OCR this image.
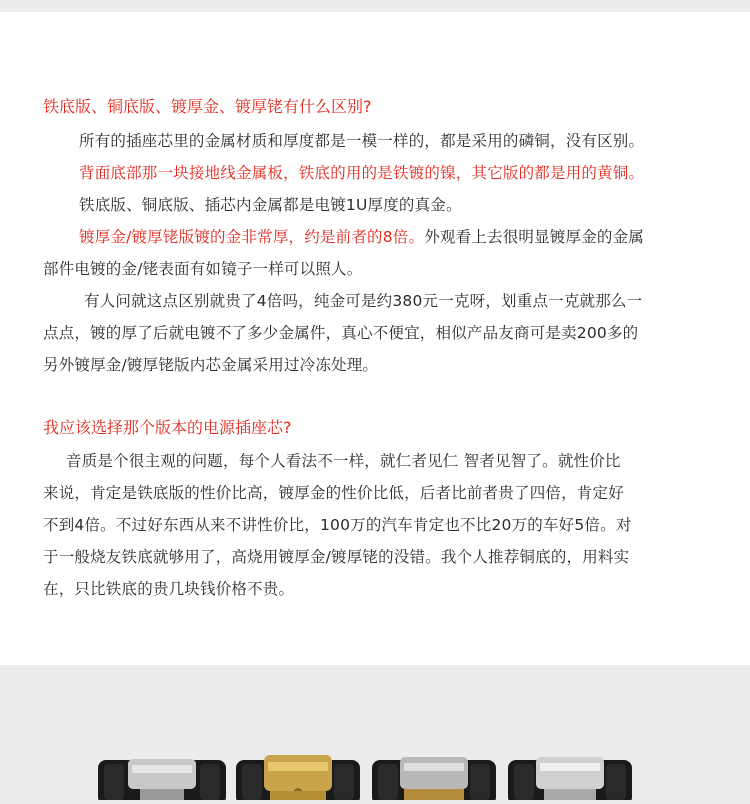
铁底版、铜底版、镀厚金、镀厚铑有什么区别?
所有的插座芯里的金属材质和厚度都是一模一样的，都是采用的磷铜，没有区别。
背面底部那一块接地线金属板，铁底的用的是铁镀的镍，其它版的都是用的黄铜。
铁底版、铜底版、插芯内金属都是电镀1U厚度的真金。
镀厚金/镀厚铑版镀的金非常厚，约是前者的8倍。外观看上去很明显镀厚金的金属
部件电镀的金/铑表面有如镜子一样可以照人。
有人问就这点区别就贵了4倍吗，纯金可是约380元一克呀，划重点一克就那么一
点点，镀的厚了后就电镀不了多少金属件，真心不便宜，相似产品友商可是卖200多的
另外镀厚金/镀厚铑版内芯金属采用过冷冻处理。
我应该选择那个版本的电源插座芯?
音质是个很主观的问题，每个人看法不一样，就仁者见仁 智者见智了。就性价比
来说，肯定是铁底版的性价比高，镀厚金的性价比低，后者比前者贵了四倍，肯定好
不到4倍。不过好东西从来不讲性价比，100万的汽车肯定也不比20万的车好5倍。对
于一般烧友铁底就够用了，高烧用镀厚金/镀厚铑的没错。我个人推荐铜底的，用料实
在，只比铁底的贵几块钱价格不贵。
